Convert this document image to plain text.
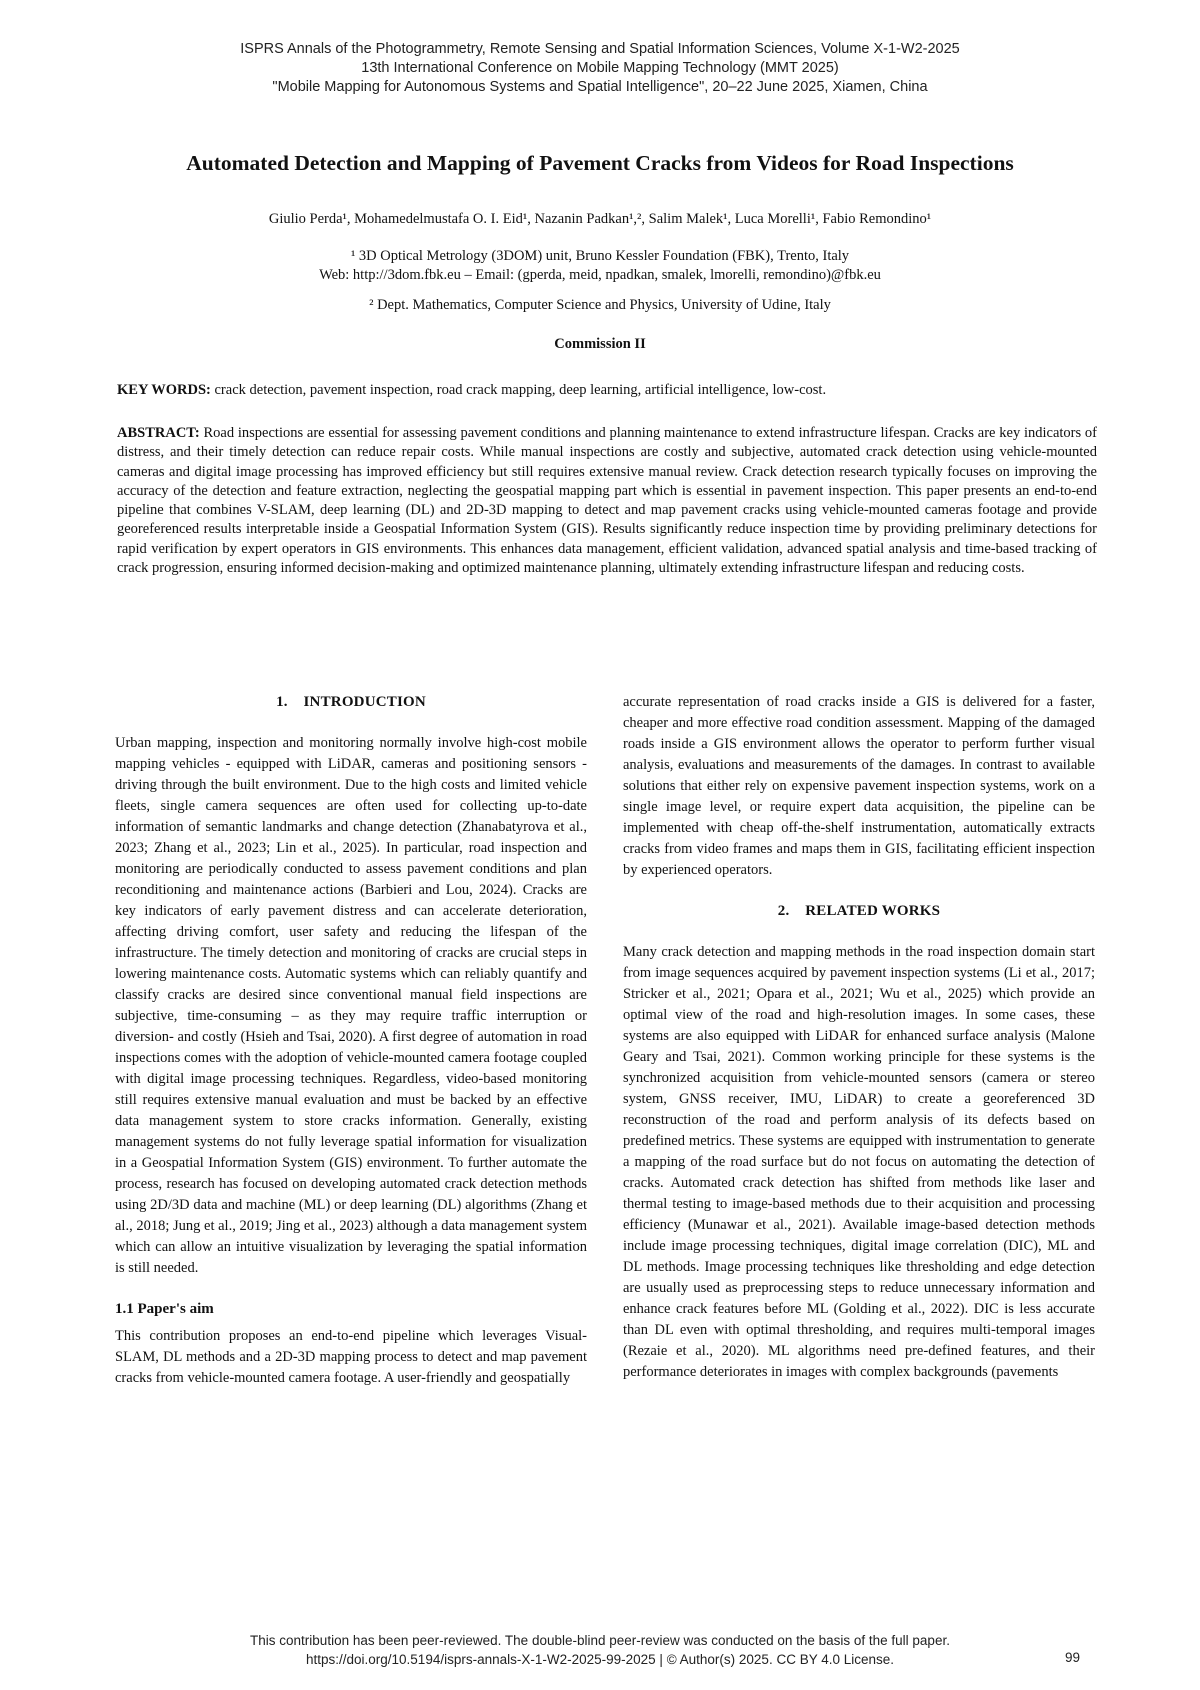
ISPRS Annals of the Photogrammetry, Remote Sensing and Spatial Information Sciences, Volume X-1-W2-2025
13th International Conference on Mobile Mapping Technology (MMT 2025)
"Mobile Mapping for Autonomous Systems and Spatial Intelligence", 20–22 June 2025, Xiamen, China
Automated Detection and Mapping of Pavement Cracks from Videos for Road Inspections
Giulio Perda¹, Mohamedelmustafa O. I. Eid¹, Nazanin Padkan¹,², Salim Malek¹, Luca Morelli¹, Fabio Remondino¹
¹ 3D Optical Metrology (3DOM) unit, Bruno Kessler Foundation (FBK), Trento, Italy
Web: http://3dom.fbk.eu – Email: (gperda, meid, npadkan, smalek, lmorelli, remondino)@fbk.eu
² Dept. Mathematics, Computer Science and Physics, University of Udine, Italy
Commission II
KEY WORDS: crack detection, pavement inspection, road crack mapping, deep learning, artificial intelligence, low-cost.
ABSTRACT: Road inspections are essential for assessing pavement conditions and planning maintenance to extend infrastructure lifespan. Cracks are key indicators of distress, and their timely detection can reduce repair costs. While manual inspections are costly and subjective, automated crack detection using vehicle-mounted cameras and digital image processing has improved efficiency but still requires extensive manual review. Crack detection research typically focuses on improving the accuracy of the detection and feature extraction, neglecting the geospatial mapping part which is essential in pavement inspection. This paper presents an end-to-end pipeline that combines V-SLAM, deep learning (DL) and 2D-3D mapping to detect and map pavement cracks using vehicle-mounted cameras footage and provide georeferenced results interpretable inside a Geospatial Information System (GIS). Results significantly reduce inspection time by providing preliminary detections for rapid verification by expert operators in GIS environments. This enhances data management, efficient validation, advanced spatial analysis and time-based tracking of crack progression, ensuring informed decision-making and optimized maintenance planning, ultimately extending infrastructure lifespan and reducing costs.
1.    INTRODUCTION

Urban mapping, inspection and monitoring normally involve high-cost mobile mapping vehicles - equipped with LiDAR, cameras and positioning sensors - driving through the built environment. Due to the high costs and limited vehicle fleets, single camera sequences are often used for collecting up-to-date information of semantic landmarks and change detection (Zhanabatyrova et al., 2023; Zhang et al., 2023; Lin et al., 2025). In particular, road inspection and monitoring are periodically conducted to assess pavement conditions and plan reconditioning and maintenance actions (Barbieri and Lou, 2024). Cracks are key indicators of early pavement distress and can accelerate deterioration, affecting driving comfort, user safety and reducing the lifespan of the infrastructure. The timely detection and monitoring of cracks are crucial steps in lowering maintenance costs. Automatic systems which can reliably quantify and classify cracks are desired since conventional manual field inspections are subjective, time-consuming – as they may require traffic interruption or diversion- and costly (Hsieh and Tsai, 2020). A first degree of automation in road inspections comes with the adoption of vehicle-mounted camera footage coupled with digital image processing techniques. Regardless, video-based monitoring still requires extensive manual evaluation and must be backed by an effective data management system to store cracks information. Generally, existing management systems do not fully leverage spatial information for visualization in a Geospatial Information System (GIS) environment. To further automate the process, research has focused on developing automated crack detection methods using 2D/3D data and machine (ML) or deep learning (DL) algorithms (Zhang et al., 2018; Jung et al., 2019; Jing et al., 2023) although a data management system which can allow an intuitive visualization by leveraging the spatial information is still needed.

1.1 Paper's aim

This contribution proposes an end-to-end pipeline which leverages Visual-SLAM, DL methods and a 2D-3D mapping process to detect and map pavement cracks from vehicle-mounted camera footage. A user-friendly and geospatially

accurate representation of road cracks inside a GIS is delivered for a faster, cheaper and more effective road condition assessment. Mapping of the damaged roads inside a GIS environment allows the operator to perform further visual analysis, evaluations and measurements of the damages. In contrast to available solutions that either rely on expensive pavement inspection systems, work on a single image level, or require expert data acquisition, the pipeline can be implemented with cheap off-the-shelf instrumentation, automatically extracts cracks from video frames and maps them in GIS, facilitating efficient inspection by experienced operators.

2.    RELATED WORKS

Many crack detection and mapping methods in the road inspection domain start from image sequences acquired by pavement inspection systems (Li et al., 2017; Stricker et al., 2021; Opara et al., 2021; Wu et al., 2025) which provide an optimal view of the road and high-resolution images. In some cases, these systems are also equipped with LiDAR for enhanced surface analysis (Malone Geary and Tsai, 2021). Common working principle for these systems is the synchronized acquisition from vehicle-mounted sensors (camera or stereo system, GNSS receiver, IMU, LiDAR) to create a georeferenced 3D reconstruction of the road and perform analysis of its defects based on predefined metrics. These systems are equipped with instrumentation to generate a mapping of the road surface but do not focus on automating the detection of cracks. Automated crack detection has shifted from methods like laser and thermal testing to image-based methods due to their acquisition and processing efficiency (Munawar et al., 2021). Available image-based detection methods include image processing techniques, digital image correlation (DIC), ML and DL methods. Image processing techniques like thresholding and edge detection are usually used as preprocessing steps to reduce unnecessary information and enhance crack features before ML (Golding et al., 2022). DIC is less accurate than DL even with optimal thresholding, and requires multi-temporal images (Rezaie et al., 2020). ML algorithms need pre-defined features, and their performance deteriorates in images with complex backgrounds (pavements

This contribution has been peer-reviewed. The double-blind peer-review was conducted on the basis of the full paper.
https://doi.org/10.5194/isprs-annals-X-1-W2-2025-99-2025 | © Author(s) 2025. CC BY 4.0 License.	99
